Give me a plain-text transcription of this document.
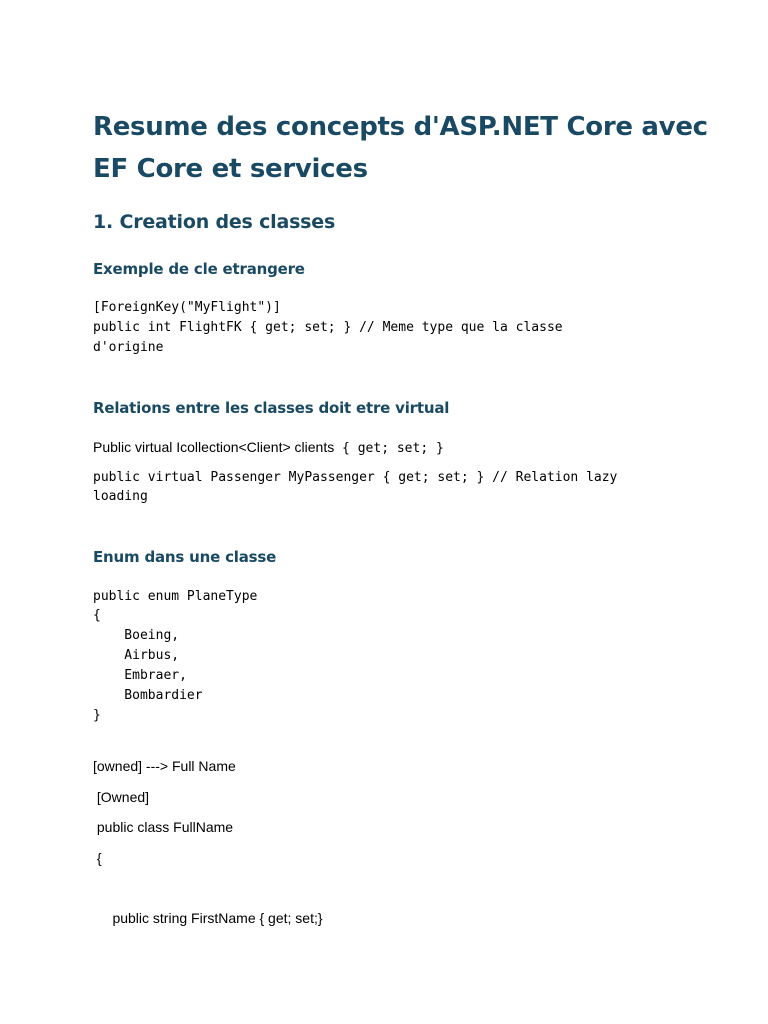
Resume des concepts d'ASP.NET Core avec EF Core et services
1. Creation des classes
Exemple de cle etrangere
[ForeignKey("MyFlight")]
public int FlightFK { get; set; } // Meme type que la classe
d'origine
Relations entre les classes doit etre virtual
Public virtual Icollection<Client> clients { get; set; }
public virtual Passenger MyPassenger { get; set; } // Relation lazy
loading
Enum dans une classe
public enum PlaneType
{
Boeing,
Airbus,
Embraer,
Bombardier
}
[owned] ---> Full Name
[Owned]
public class FullName
{
public string FirstName { get; set;}
